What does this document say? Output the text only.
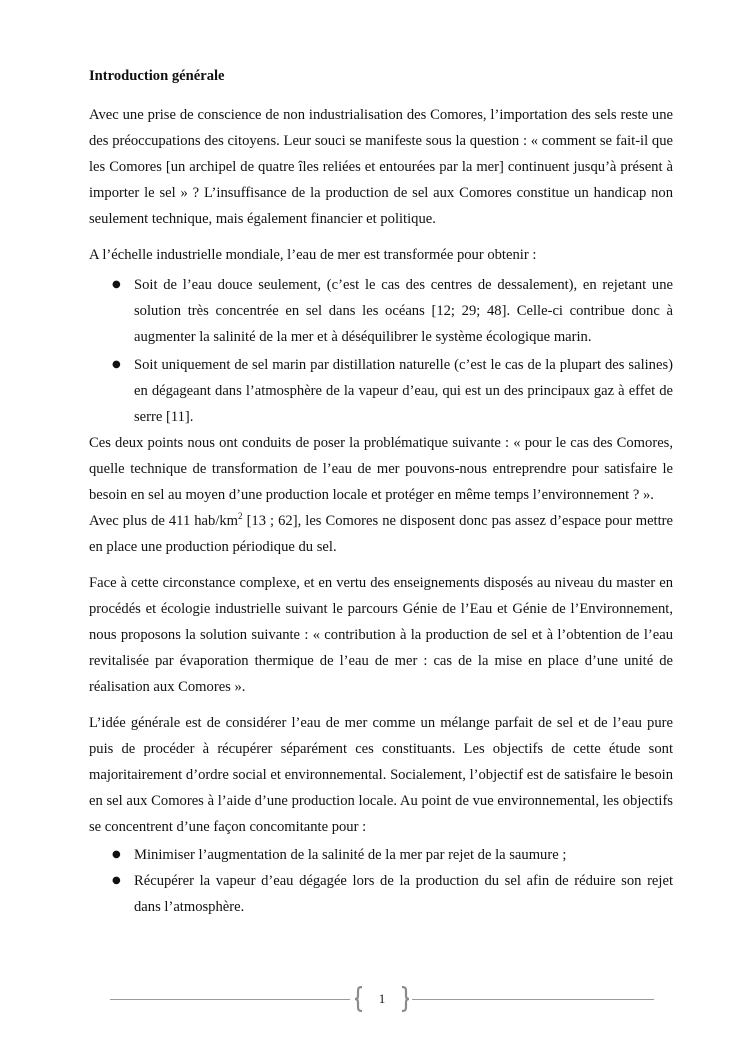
Introduction générale

Avec une prise de conscience de non industrialisation des Comores, l’importation des sels reste une des préoccupations des citoyens. Leur souci se manifeste sous la question : « comment se fait-il que les Comores [un archipel de quatre îles reliées et entourées par la mer] continuent jusqu’à présent à importer le sel » ? L’insuffisance de la production de sel aux Comores constitue un handicap non seulement technique, mais également financier et politique.

A l’échelle industrielle mondiale, l’eau de mer est transformée pour obtenir :

● Soit de l’eau douce seulement, (c’est le cas des centres de dessalement), en rejetant une solution très concentrée en sel dans les océans [12; 29; 48]. Celle-ci contribue donc à augmenter la salinité de la mer et à déséquilibrer le système écologique marin.
● Soit uniquement de sel marin par distillation naturelle (c’est le cas de la plupart des salines) en dégageant dans l’atmosphère de la vapeur d’eau, qui est un des principaux gaz à effet de serre [11].

Ces deux points nous ont conduits de poser la problématique suivante : « pour le cas des Comores, quelle technique de transformation de l’eau de mer pouvons-nous entreprendre pour satisfaire le besoin en sel au moyen d’une production locale et protéger en même temps l’environnement ? ».

Avec plus de 411 hab/$km^2$ [13 ; 62], les Comores ne disposent donc pas assez d’espace pour mettre en place une production périodique du sel.

Face à cette circonstance complexe, et en vertu des enseignements disposés au niveau du master en procédés et écologie industrielle suivant le parcours Génie de l’Eau et Génie de l’Environnement, nous proposons la solution suivante : « contribution à la production de sel et à l’obtention de l’eau revitalisée par évaporation thermique de l’eau de mer : cas de la mise en place d’une unité de réalisation aux Comores ».

L’idée générale est de considérer l’eau de mer comme un mélange parfait de sel et de l’eau pure puis de procéder à récupérer séparément ces constituants. Les objectifs de cette étude sont majoritairement d’ordre social et environnemental. Socialement, l’objectif est de satisfaire le besoin en sel aux Comores à l’aide d’une production locale. Au point de vue environnemental, les objectifs se concentrent d’une façon concomitante pour :

● Minimiser l’augmentation de la salinité de la mer par rejet de la saumure ;
● Récupérer la vapeur d’eau dégagée lors de la production du sel afin de réduire son rejet dans l’atmosphère.
1
